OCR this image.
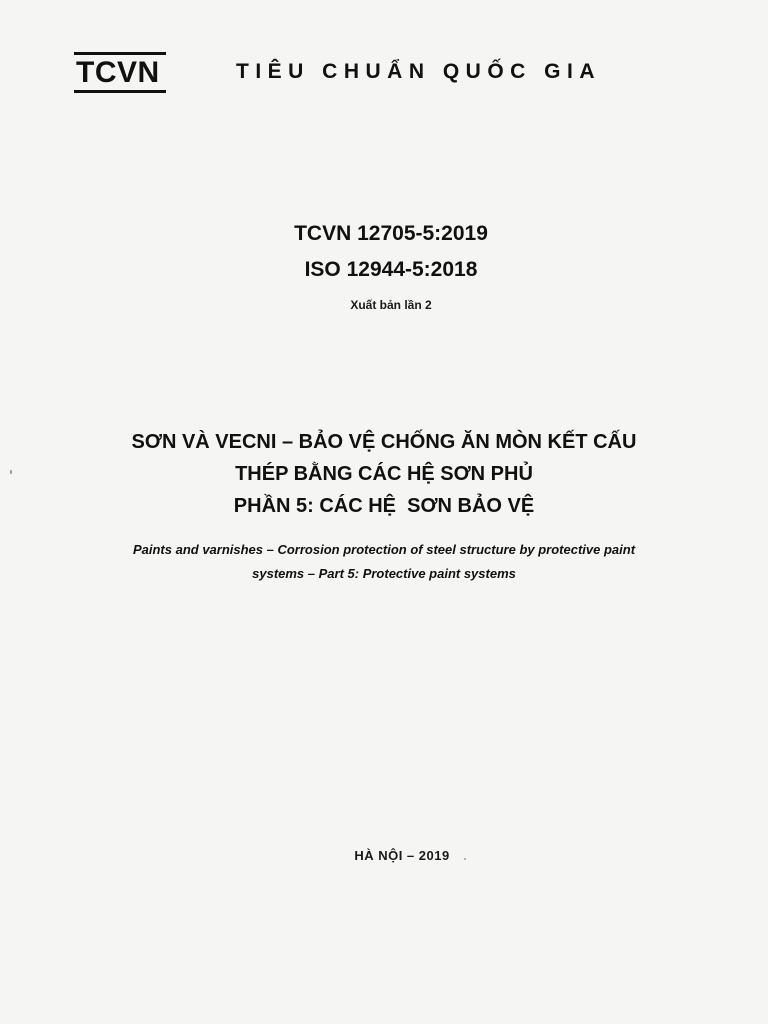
TCVN	TIÊU CHUẨN QUỐC GIA
TCVN 12705-5:2019
ISO 12944-5:2018
Xuất bản lần 2
SƠN VÀ VECNI – BẢO VỆ CHỐNG ĂN MÒN KẾT CẤU
THÉP BẰNG CÁC HỆ SƠN PHỦ
PHẦN 5: CÁC HỆ  SƠN BẢO VỆ
Paints and varnishes – Corrosion protection of steel structure by protective paint
systems – Part 5: Protective paint systems
HÀ NỘI – 2019
